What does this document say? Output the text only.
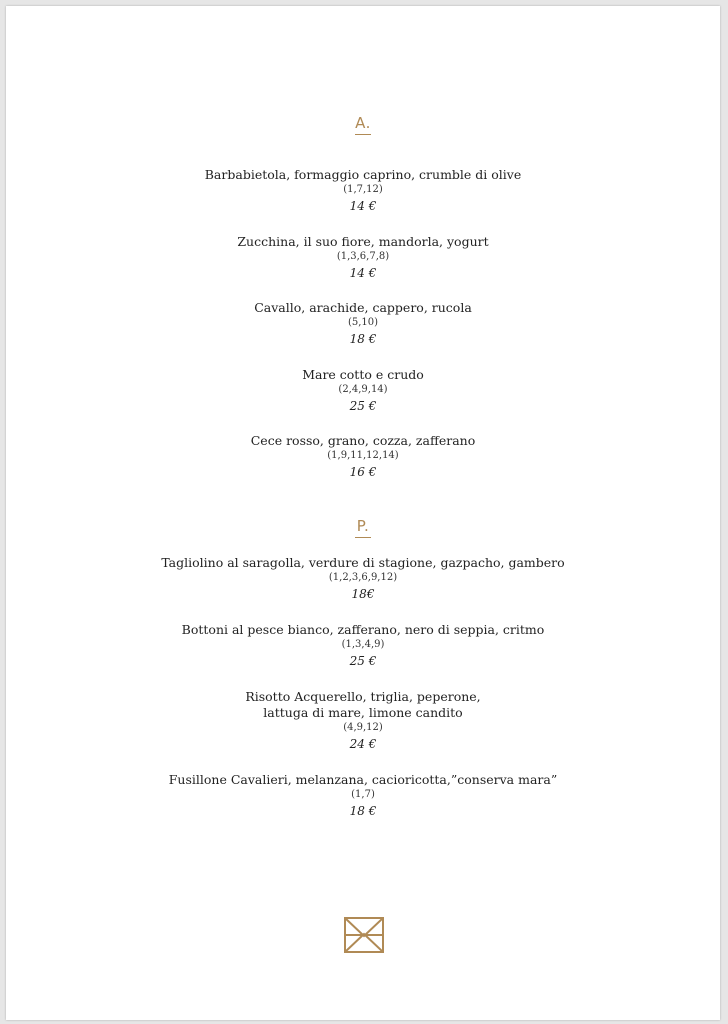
A.
Barbabietola, formaggio caprino, crumble di olive
(1,7,12)
14 €
Zucchina, il suo fiore, mandorla, yogurt
(1,3,6,7,8)
14 €
Cavallo, arachide, cappero, rucola
(5,10)
18 €
Mare cotto e crudo
(2,4,9,14)
25 €
Cece rosso, grano, cozza, zafferano
(1,9,11,12,14)
16 €
P.
Tagliolino al saragolla, verdure di stagione, gazpacho, gambero
(1,2,3,6,9,12)
18€
Bottoni al pesce bianco, zafferano, nero di seppia, critmo
(1,3,4,9)
25 €
Risotto Acquerello, triglia, peperone,
lattuga di mare, limone candito
(4,9,12)
24 €
Fusillone Cavalieri, melanzana, cacioricotta,”conserva mara”
(1,7)
18 €
